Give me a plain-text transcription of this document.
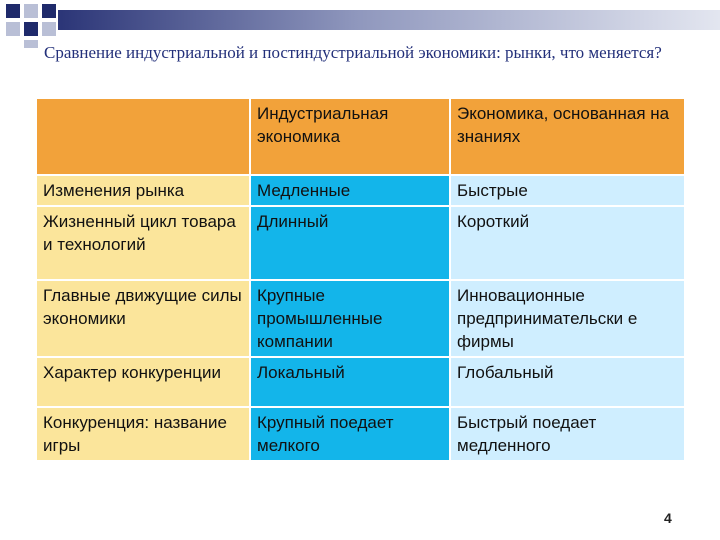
Сравнение индустриальной и постиндустриальной экономики: рынки, что меняется?
	Индустриальная экономика	Экономика, основанная на знаниях
Изменения рынка	Медленные	Быстрые
Жизненный цикл товара и технологий	Длинный	Короткий
Главные движущие силы экономики	Крупные промышленные компании	Инновационные предпринимательски е фирмы
Характер конкуренции	Локальный	Глобальный
Конкуренция: название игры	Крупный поедает мелкого	Быстрый поедает медленного
4
